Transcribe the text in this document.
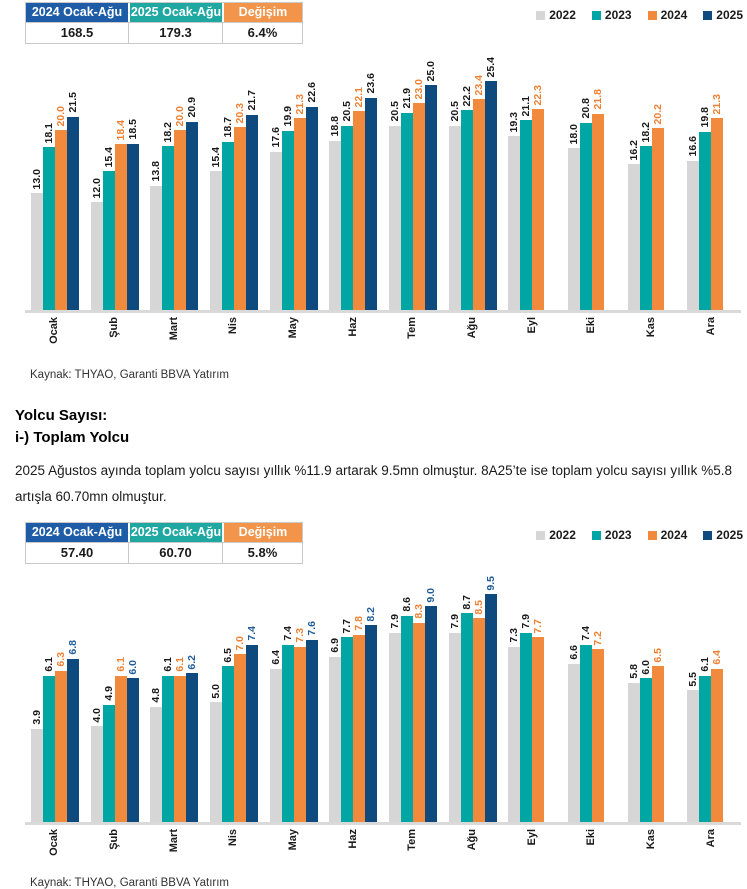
2024 Ocak-Ağu 2025 Ocak-Ağu	Değişim
168.5	179.3	6.4%
2022 2023 2024 2025
13.0
18.1
20.0
21.5
Ocak
12.0
15.4
18.4 18.5
Şub
13.8
18.2
20.0 20.9
Mart
15.4
18.7
20.3
21.7
Nis
17.6
19.9
21.3
22.6
May
18.8
20.5
22.1
23.6
Haz
20.5
21.9 23.0
25.0
Tem
20.5
22.2
23.4
25.4
Ağu
19.3
21.1
22.3
Eyl
18.0
20.8 21.8
Eki
16.2
18.2
20.2
Kas
16.6
19.8
21.3
Ara
Kaynak: THYAO, Garanti BBVA Yatırım
Yolcu Sayısı:
i-) Toplam Yolcu

2025 Ağustos ayında toplam yolcu sayısı yıllık %11.9 artarak 9.5mn olmuştur. 8A25’te ise toplam yolcu sayısı yıllık %5.8 artışla 60.70mn olmuştur.

2024 Ocak-Ağu 2025 Ocak-Ağu	Değişim
57.40	60.70	5.8%
2022 2023 2024 2025
3.9
6.1 6.3
6.8
Ocak
4.0
4.9
6.1 6.0
Şub
4.8
6.1 6.1 6.2
Mart
5.0
6.5
7.0
7.4
Nis
6.4
7.4 7.3 7.6
May
6.9
7.7 7.8
8.2
Haz
7.9
8.6 8.3
9.0
Tem
7.9
8.7 8.5
9.5
Ağu
7.3
7.9 7.7
Eyl
6.6
7.4 7.2
Eki
5.8 6.0
6.5
Kas
5.5
6.1 6.4
Ara
Kaynak: THYAO, Garanti BBVA Yatırım
